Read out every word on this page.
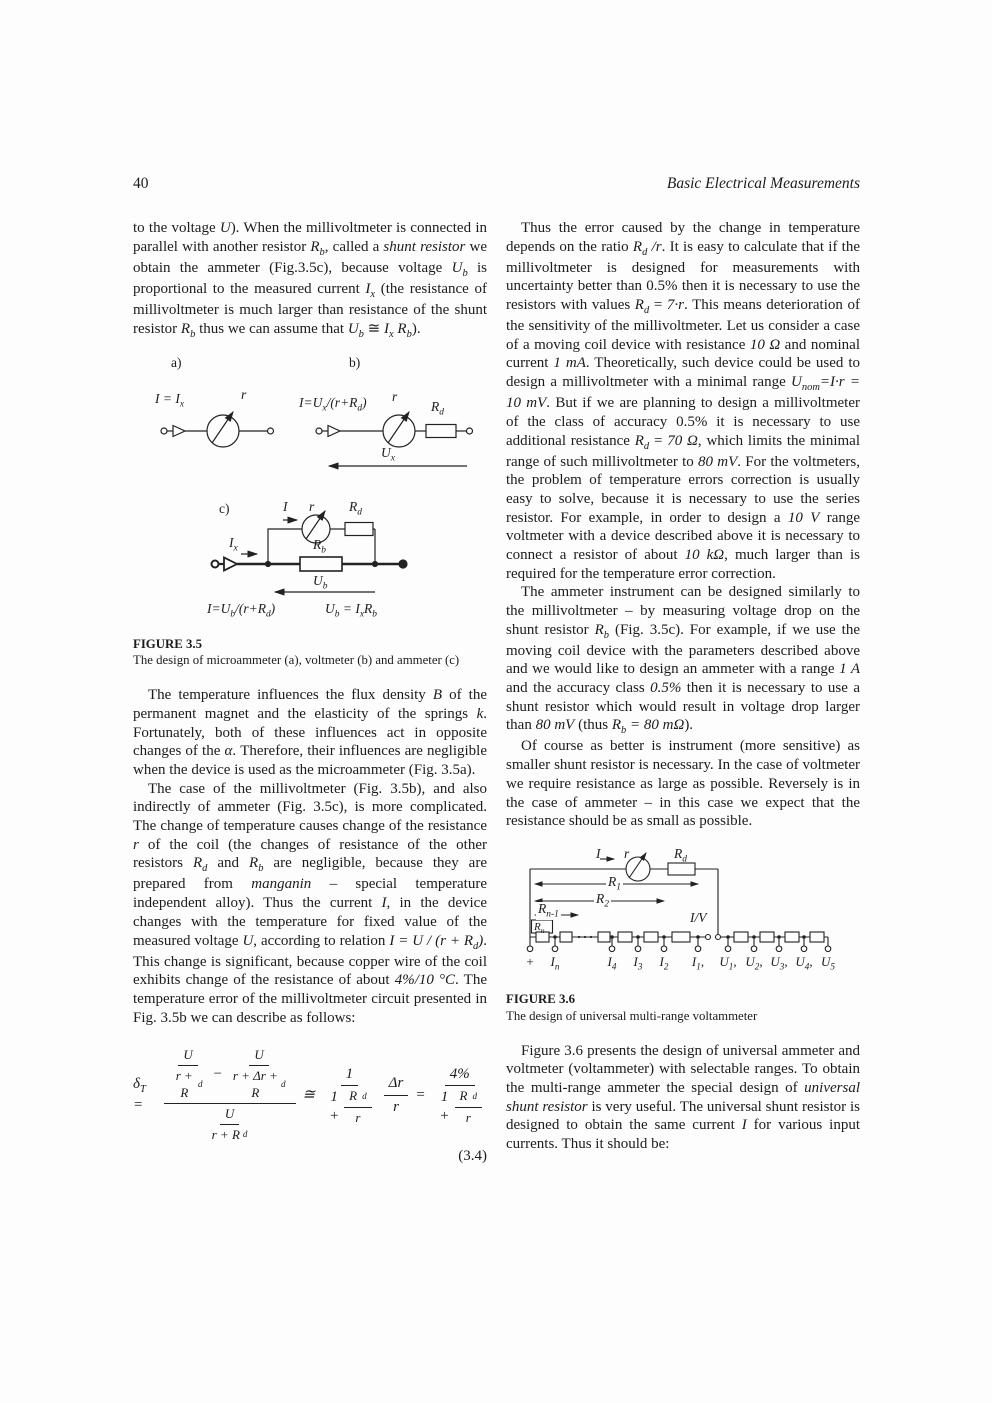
40	Basic Electrical Measurements

to the voltage U). When the millivoltmeter is connected in parallel with another resistor $R_b$, called a shunt resistor we obtain the ammeter (Fig.3.5c), because voltage $U_b$ is proportional to the measured current $I_x$ (the resistance of millivoltmeter is much larger than resistance of the shunt resistor $R_b$ thus we can assume that $U_b$ ≅ $I_x$ $R_b$).

a)	b)
$I = I_x$
r
$I=U_x/(r+R_d)$ r
$R_d$
$U_x$
c)	I r	$R_d$
$I_x$	$R_b$
$U_b$
$I=U_b/(r+R_d)$	$U_b = I_xR_b$
FIGURE 3.5
The design of microammeter (a), voltmeter (b) and ammeter (c)

The temperature influences the flux density B of the permanent magnet and the elasticity of the springs k. Fortunately, both of these influences act in opposite changes of the α. Therefore, their influences are negligible when the device is used as the microammeter (Fig. 3.5a).

The case of the millivoltmeter (Fig. 3.5b), and also indirectly of ammeter (Fig. 3.5c), is more complicated. The change of temperature causes change of the resistance r of the coil (the changes of resistance of the other resistors $R_d$ and $R_b$ are negligible, because they are prepared from manganin – special temperature independent alloy). Thus the current I, in the device changes with the temperature for fixed value of the measured voltage U, according to relation $I = U / (r + R_d)$. This change is significant, because copper wire of the coil exhibits change of the resistance of about 4%/10 °C. The temperature error of the millivoltmeter circuit presented in Fig. 3.5b we can describe as follows:

$\delta_T$ =
U
r + R
d − U
r + Δr + R
d
$\frac{U}{\text{r + R d}}$
≅ $\frac{1}{1 + \frac{\text{R d}}{r}} \frac{\Delta r}{r} = \frac{4\%}{1 + \frac{\text{R d}}{r}}$
(3.4)

Thus the error caused by the change in temperature depends on the ratio $R_d$ /r. It is easy to calculate that if the millivoltmeter is designed for measurements with uncertainty better than 0.5% then it is necessary to use the resistors with values $R_d = 7\cdot r$. This means deterioration of the sensitivity of the millivoltmeter. Let us consider a case of a moving coil device with resistance 10 Ω and nominal current 1 mA. Theoretically, such device could be used to design a millivoltmeter with a minimal range $U_{nom}=I\cdot r = 10$ mV. But if we are planning to design a millivoltmeter of the class of accuracy 0.5% it is necessary to use additional resistance $R_d = 70$ Ω, which limits the minimal range of such millivoltmeter to 80 mV. For the voltmeters, the problem of temperature errors correction is usually easy to solve, because it is necessary to use the series resistor. For example, in order to design a 10 V range voltmeter with a device described above it is necessary to connect a resistor of about 10 kΩ, much larger than is required for the temperature error correction.

The ammeter instrument can be designed similarly to the millivoltmeter – by measuring voltage drop on the shunt resistor $R_b$ (Fig. 3.5c). For example, if we use the moving coil device with the parameters described above and we would like to design an ammeter with a range 1 A and the accuracy class 0.5% then it is necessary to use a shunt resistor which would result in voltage drop larger than 80 mV (thus $R_b = 80$ mΩ).

Of course as better is instrument (more sensitive) as smaller shunt resistor is necessary. In the case of voltmeter we require resistance as large as possible. Reversely is in the case of ammeter – in this case we expect that the resistance should be as small as possible.

I r	$R_d$
$R_1$
$R_2$
$R_{n-1}$
$R_n$
I/V
+ $I_n$	$I_4$ $I_3$ $I_2$ $I_1$, $U_1$, $U_2$, $U_3$, $U_4$, $U_5$
FIGURE 3.6
The design of universal multi-range voltammeter

Figure 3.6 presents the design of universal ammeter and voltmeter (voltammeter) with selectable ranges. To obtain the multi-range ammeter the special design of universal shunt resistor is very useful. The universal shunt resistor is designed to obtain the same current I for various input currents. Thus it should be:
